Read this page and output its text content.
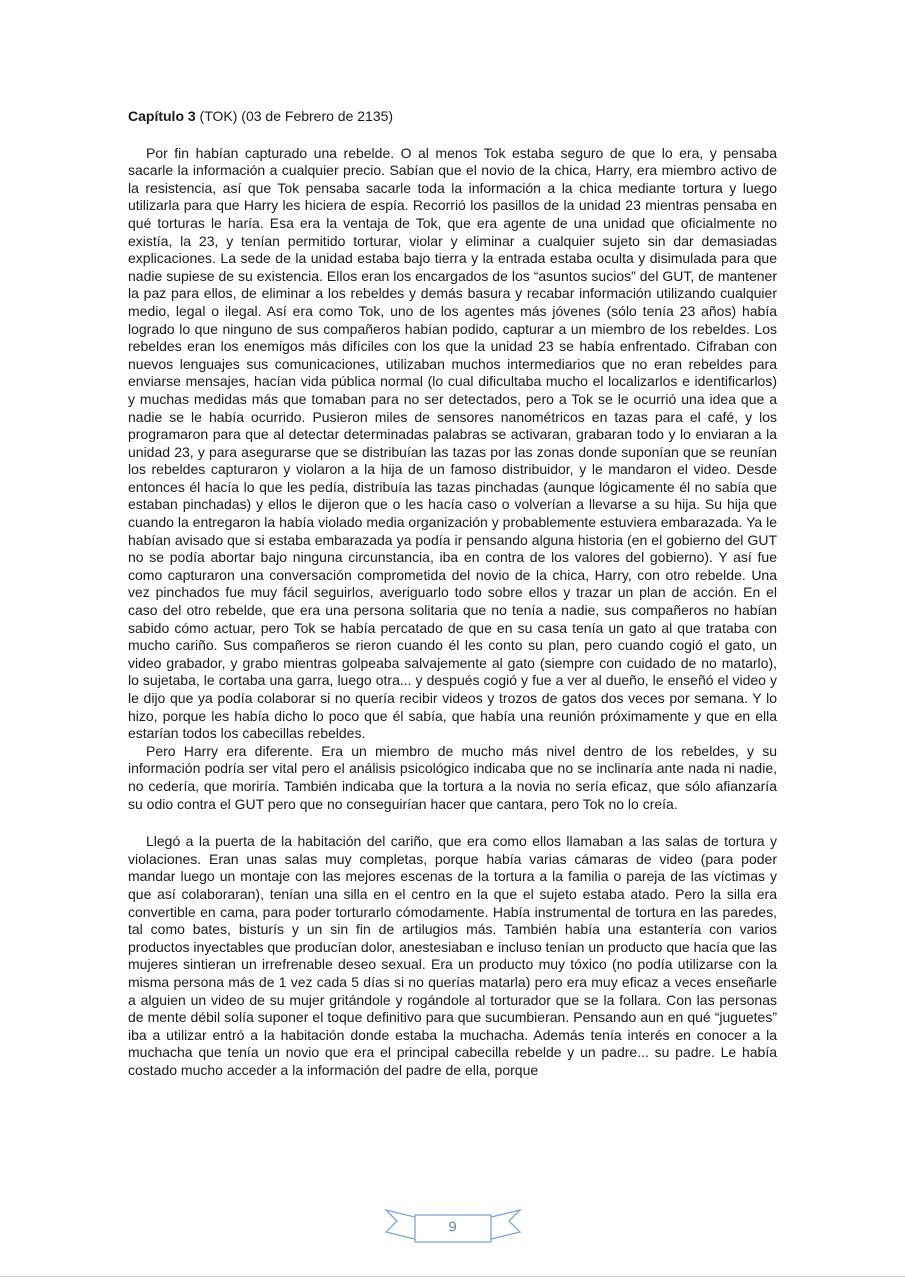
Capítulo 3 (TOK) (03 de Febrero de 2135)

Por fin habían capturado una rebelde. O al menos Tok estaba seguro de que lo era, y pensaba sacarle la información a cualquier precio. Sabían que el novio de la chica, Harry, era miembro activo de la resistencia, así que Tok pensaba sacarle toda la información a la chica mediante tortura y luego utilizarla para que Harry les hiciera de espía. Recorrió los pasillos de la unidad 23 mientras pensaba en qué torturas le haría. Esa era la ventaja de Tok, que era agente de una unidad que oficialmente no existía, la 23, y tenían permitido torturar, violar y eliminar a cualquier sujeto sin dar demasiadas explicaciones. La sede de la unidad estaba bajo tierra y la entrada estaba oculta y disimulada para que nadie supiese de su existencia. Ellos eran los encargados de los “asuntos sucios” del GUT, de mantener la paz para ellos, de eliminar a los rebeldes y demás basura y recabar información utilizando cualquier medio, legal o ilegal. Así era como Tok, uno de los agentes más jóvenes (sólo tenía 23 años) había logrado lo que ninguno de sus compañeros habían podido, capturar a un miembro de los rebeldes. Los rebeldes eran los enemigos más difíciles con los que la unidad 23 se había enfrentado. Cifraban con nuevos lenguajes sus comunicaciones, utilizaban muchos intermediarios que no eran rebeldes para enviarse mensajes, hacían vida pública normal (lo cual dificultaba mucho el localizarlos e identificarlos) y muchas medidas más que tomaban para no ser detectados, pero a Tok se le ocurrió una idea que a nadie se le había ocurrido. Pusieron miles de sensores nanométricos en tazas para el café, y los programaron para que al detectar determinadas palabras se activaran, grabaran todo y lo enviaran a la unidad 23, y para asegurarse que se distribuían las tazas por las zonas donde suponían que se reunían los rebeldes capturaron y violaron a la hija de un famoso distribuidor, y le mandaron el video. Desde entonces él hacía lo que les pedía, distribuía las tazas pinchadas (aunque lógicamente él no sabía que estaban pinchadas) y ellos le dijeron que o les hacía caso o volverían a llevarse a su hija. Su hija que cuando la entregaron la había violado media organización y probablemente estuviera embarazada. Ya le habían avisado que si estaba embarazada ya podía ir pensando alguna historia (en el gobierno del GUT no se podía abortar bajo ninguna circunstancia, iba en contra de los valores del gobierno). Y así fue como capturaron una conversación comprometida del novio de la chica, Harry, con otro rebelde. Una vez pinchados fue muy fácil seguirlos, averiguarlo todo sobre ellos y trazar un plan de acción. En el caso del otro rebelde, que era una persona solitaria que no tenía a nadie, sus compañeros no habían sabido cómo actuar, pero Tok se había percatado de que en su casa tenía un gato al que trataba con mucho cariño. Sus compañeros se rieron cuando él les conto su plan, pero cuando cogió el gato, un video grabador, y grabo mientras golpeaba salvajemente al gato (siempre con cuidado de no matarlo), lo sujetaba, le cortaba una garra, luego otra... y después cogió y fue a ver al dueño, le enseñó el video y le dijo que ya podía colaborar si no quería recibir videos y trozos de gatos dos veces por semana. Y lo hizo, porque les había dicho lo poco que él sabía, que había una reunión próximamente y que en ella estarían todos los cabecillas rebeldes.

Pero Harry era diferente. Era un miembro de mucho más nivel dentro de los rebeldes, y su información podría ser vital pero el análisis psicológico indicaba que no se inclinaría ante nada ni nadie, no cedería, que moriría. También indicaba que la tortura a la novia no sería eficaz, que sólo afianzaría su odio contra el GUT pero que no conseguirían hacer que cantara, pero Tok no lo creía.

Llegó a la puerta de la habitación del cariño, que era como ellos llamaban a las salas de tortura y violaciones. Eran unas salas muy completas, porque había varias cámaras de video (para poder mandar luego un montaje con las mejores escenas de la tortura a la familia o pareja de las víctimas y que así colaboraran), tenían una silla en el centro en la que el sujeto estaba atado. Pero la silla era convertible en cama, para poder torturarlo cómodamente. Había instrumental de tortura en las paredes, tal como bates, bisturís y un sin fin de artilugios más. También había una estantería con varios productos inyectables que producían dolor, anestesiaban e incluso tenían un producto que hacía que las mujeres sintieran un irrefrenable deseo sexual. Era un producto muy tóxico (no podía utilizarse con la misma persona más de 1 vez cada 5 días si no querías matarla) pero era muy eficaz a veces enseñarle a alguien un video de su mujer gritándole y rogándole al torturador que se la follara. Con las personas de mente débil solía suponer el toque definitivo para que sucumbieran. Pensando aun en qué “juguetes” iba a utilizar entró a la habitación donde estaba la muchacha. Además tenía interés en conocer a la muchacha que tenía un novio que era el principal cabecilla rebelde y un padre... su padre. Le había costado mucho acceder a la información del padre de ella, porque

9
